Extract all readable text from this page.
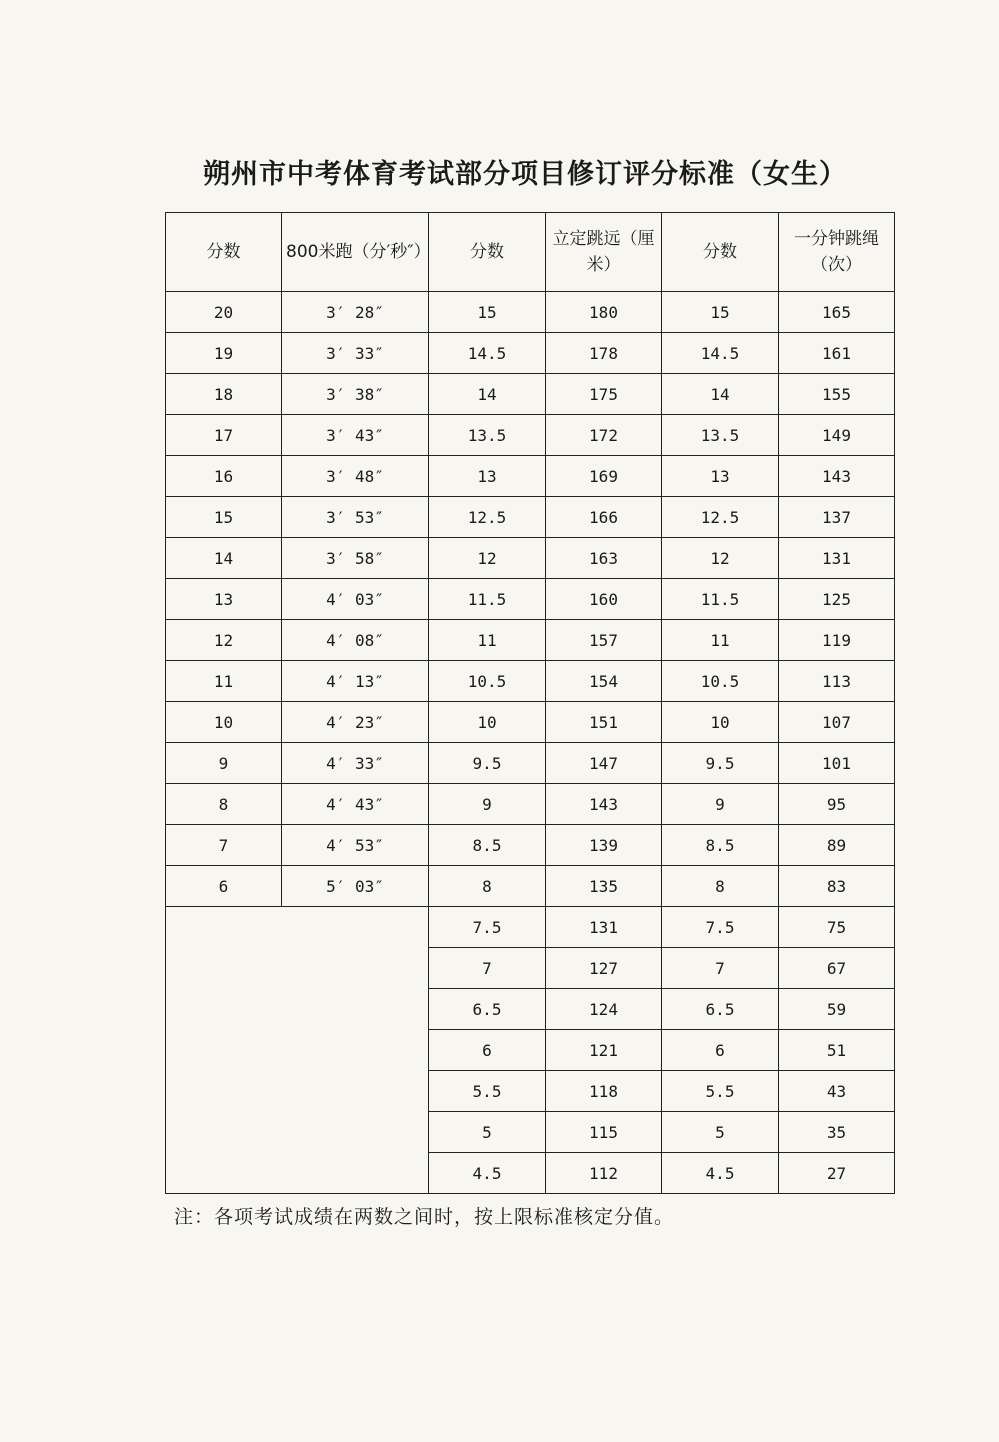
朔州市中考体育考试部分项目修订评分标准（女生）
分数	800米跑（分′秒″）	分数	立定跳远（厘米）	分数	一分钟跳绳（次）
20	3′ 28″	15	180	15	165
19	3′ 33″	14.5	178	14.5	161
18	3′ 38″	14	175	14	155
17	3′ 43″	13.5	172	13.5	149
16	3′ 48″	13	169	13	143
15	3′ 53″	12.5	166	12.5	137
14	3′ 58″	12	163	12	131
13	4′ 03″	11.5	160	11.5	125
12	4′ 08″	11	157	11	119
11	4′ 13″	10.5	154	10.5	113
10	4′ 23″	10	151	10	107
9	4′ 33″	9.5	147	9.5	101
8	4′ 43″	9	143	9	95
7	4′ 53″	8.5	139	8.5	89
6	5′ 03″	8	135	8	83
		7.5	131	7.5	75
		7	127	7	67
		6.5	124	6.5	59
		6	121	6	51
		5.5	118	5.5	43
		5	115	5	35
		4.5	112	4.5	27
注：各项考试成绩在两数之间时，按上限标准核定分值。
